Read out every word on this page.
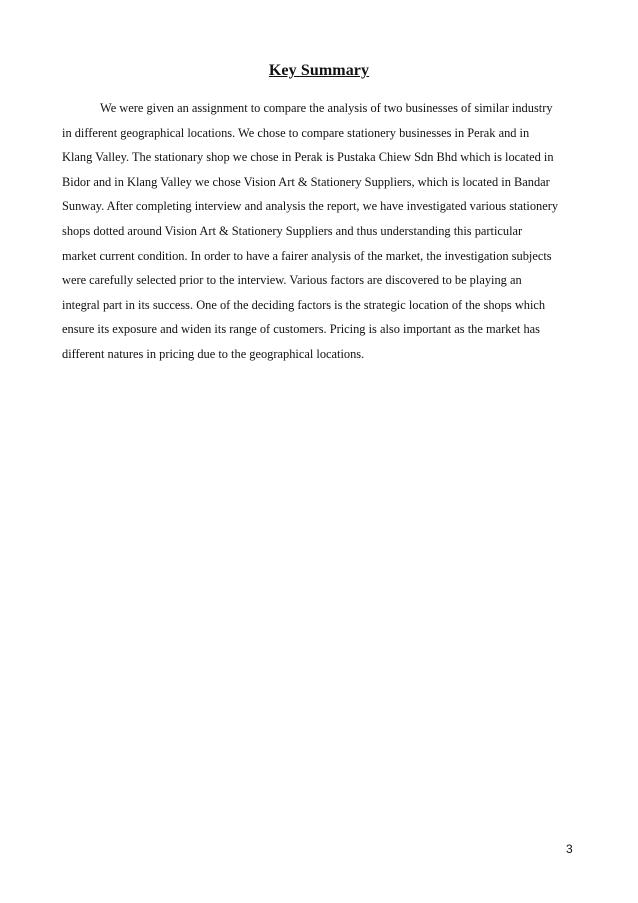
Key Summary
We were given an assignment to compare the analysis of two businesses of similar industry
in different geographical locations. We chose to compare stationery businesses in Perak and in
Klang Valley. The stationary shop we chose in Perak is Pustaka Chiew Sdn Bhd which is located in
Bidor and in Klang Valley we chose Vision Art & Stationery Suppliers, which is located in Bandar
Sunway. After completing interview and analysis the report, we have investigated various stationery
shops dotted around Vision Art & Stationery Suppliers and thus understanding this particular
market current condition. In order to have a fairer analysis of the market, the investigation subjects
were carefully selected prior to the interview. Various factors are discovered to be playing an
integral part in its success. One of the deciding factors is the strategic location of the shops which
ensure its exposure and widen its range of customers. Pricing is also important as the market has
different natures in pricing due to the geographical locations.
3
